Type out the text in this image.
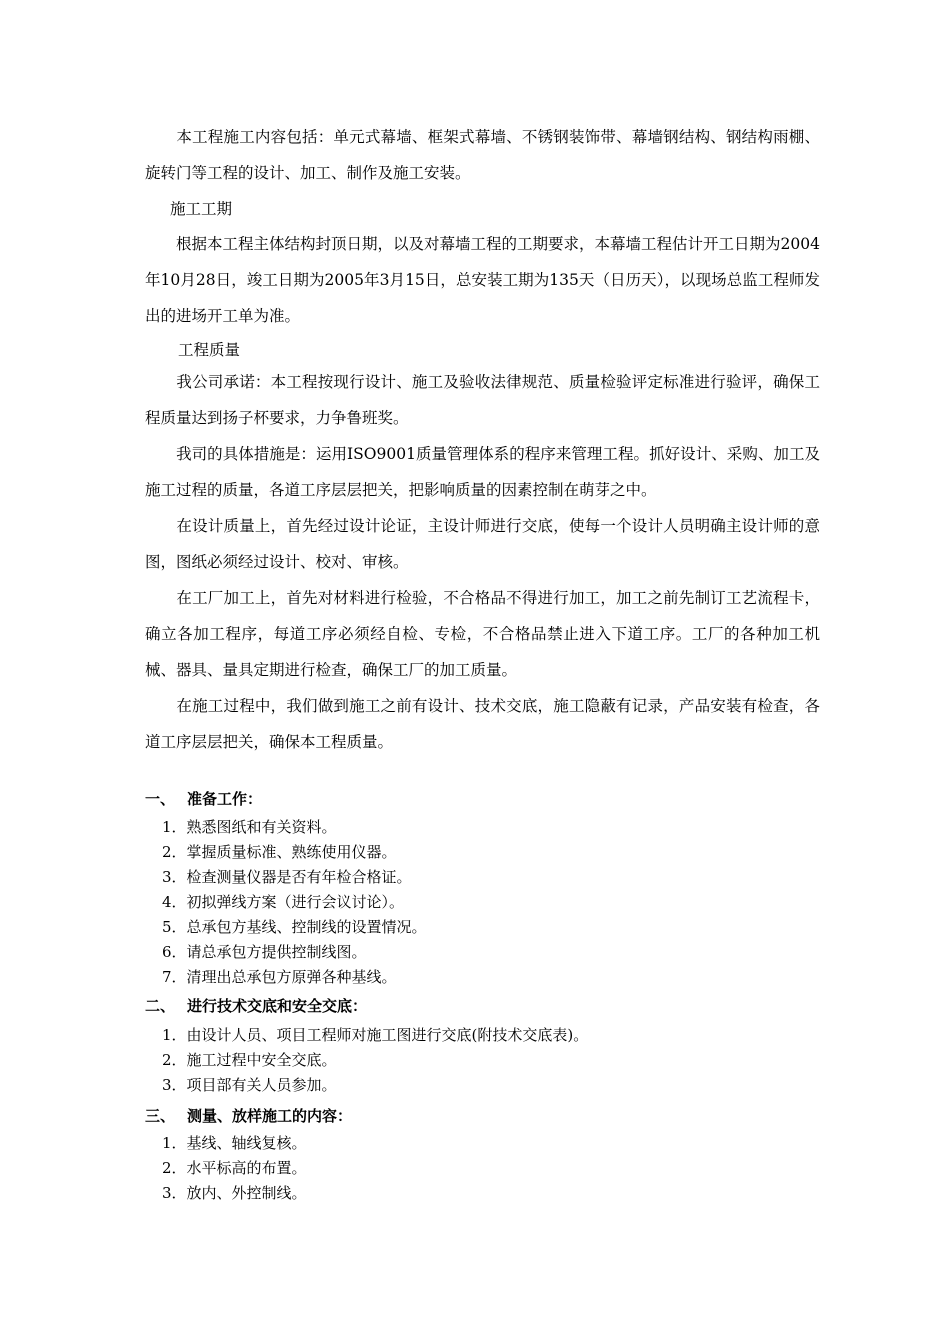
　　本工程施工内容包括：单元式幕墙、框架式幕墙、不锈钢装饰带、幕墙钢结构、钢结构雨棚、旋转门等工程的设计、加工、制作及施工安装。

施工工期

　　根据本工程主体结构封顶日期，以及对幕墙工程的工期要求，本幕墙工程估计开工日期为2004年10月28日，竣工日期为2005年3月15日，总安装工期为135天（日历天），以现场总监工程师发出的进场开工单为准。

工程质量

　　我公司承诺：本工程按现行设计、施工及验收法律规范、质量检验评定标准进行验评，确保工程质量达到扬子杯要求，力争鲁班奖。

　　我司的具体措施是：运用ISO9001质量管理体系的程序来管理工程。抓好设计、采购、加工及施工过程的质量，各道工序层层把关，把影响质量的因素控制在萌芽之中。

　　在设计质量上，首先经过设计论证，主设计师进行交底，使每一个设计人员明确主设计师的意图，图纸必须经过设计、校对、审核。

　　在工厂加工上，首先对材料进行检验，不合格品不得进行加工，加工之前先制订工艺流程卡，确立各加工程序，每道工序必须经自检、专检，不合格品禁止进入下道工序。工厂的各种加工机械、器具、量具定期进行检查，确保工厂的加工质量。

　　在施工过程中，我们做到施工之前有设计、技术交底，施工隐蔽有记录，产品安装有检查，各道工序层层把关，确保本工程质量。

一、 准备工作：

1．熟悉图纸和有关资料。
2．掌握质量标准、熟练使用仪器。
3．检查测量仪器是否有年检合格证。
4．初拟弹线方案（进行会议讨论）。
5．总承包方基线、控制线的设置情况。
6．请总承包方提供控制线图。
7．清理出总承包方原弹各种基线。

二、 进行技术交底和安全交底：

1．由设计人员、项目工程师对施工图进行交底(附技术交底表)。
2．施工过程中安全交底。
3．项目部有关人员参加。

三、 测量、放样施工的内容：

1．基线、轴线复核。
2．水平标高的布置。
3．放内、外控制线。
